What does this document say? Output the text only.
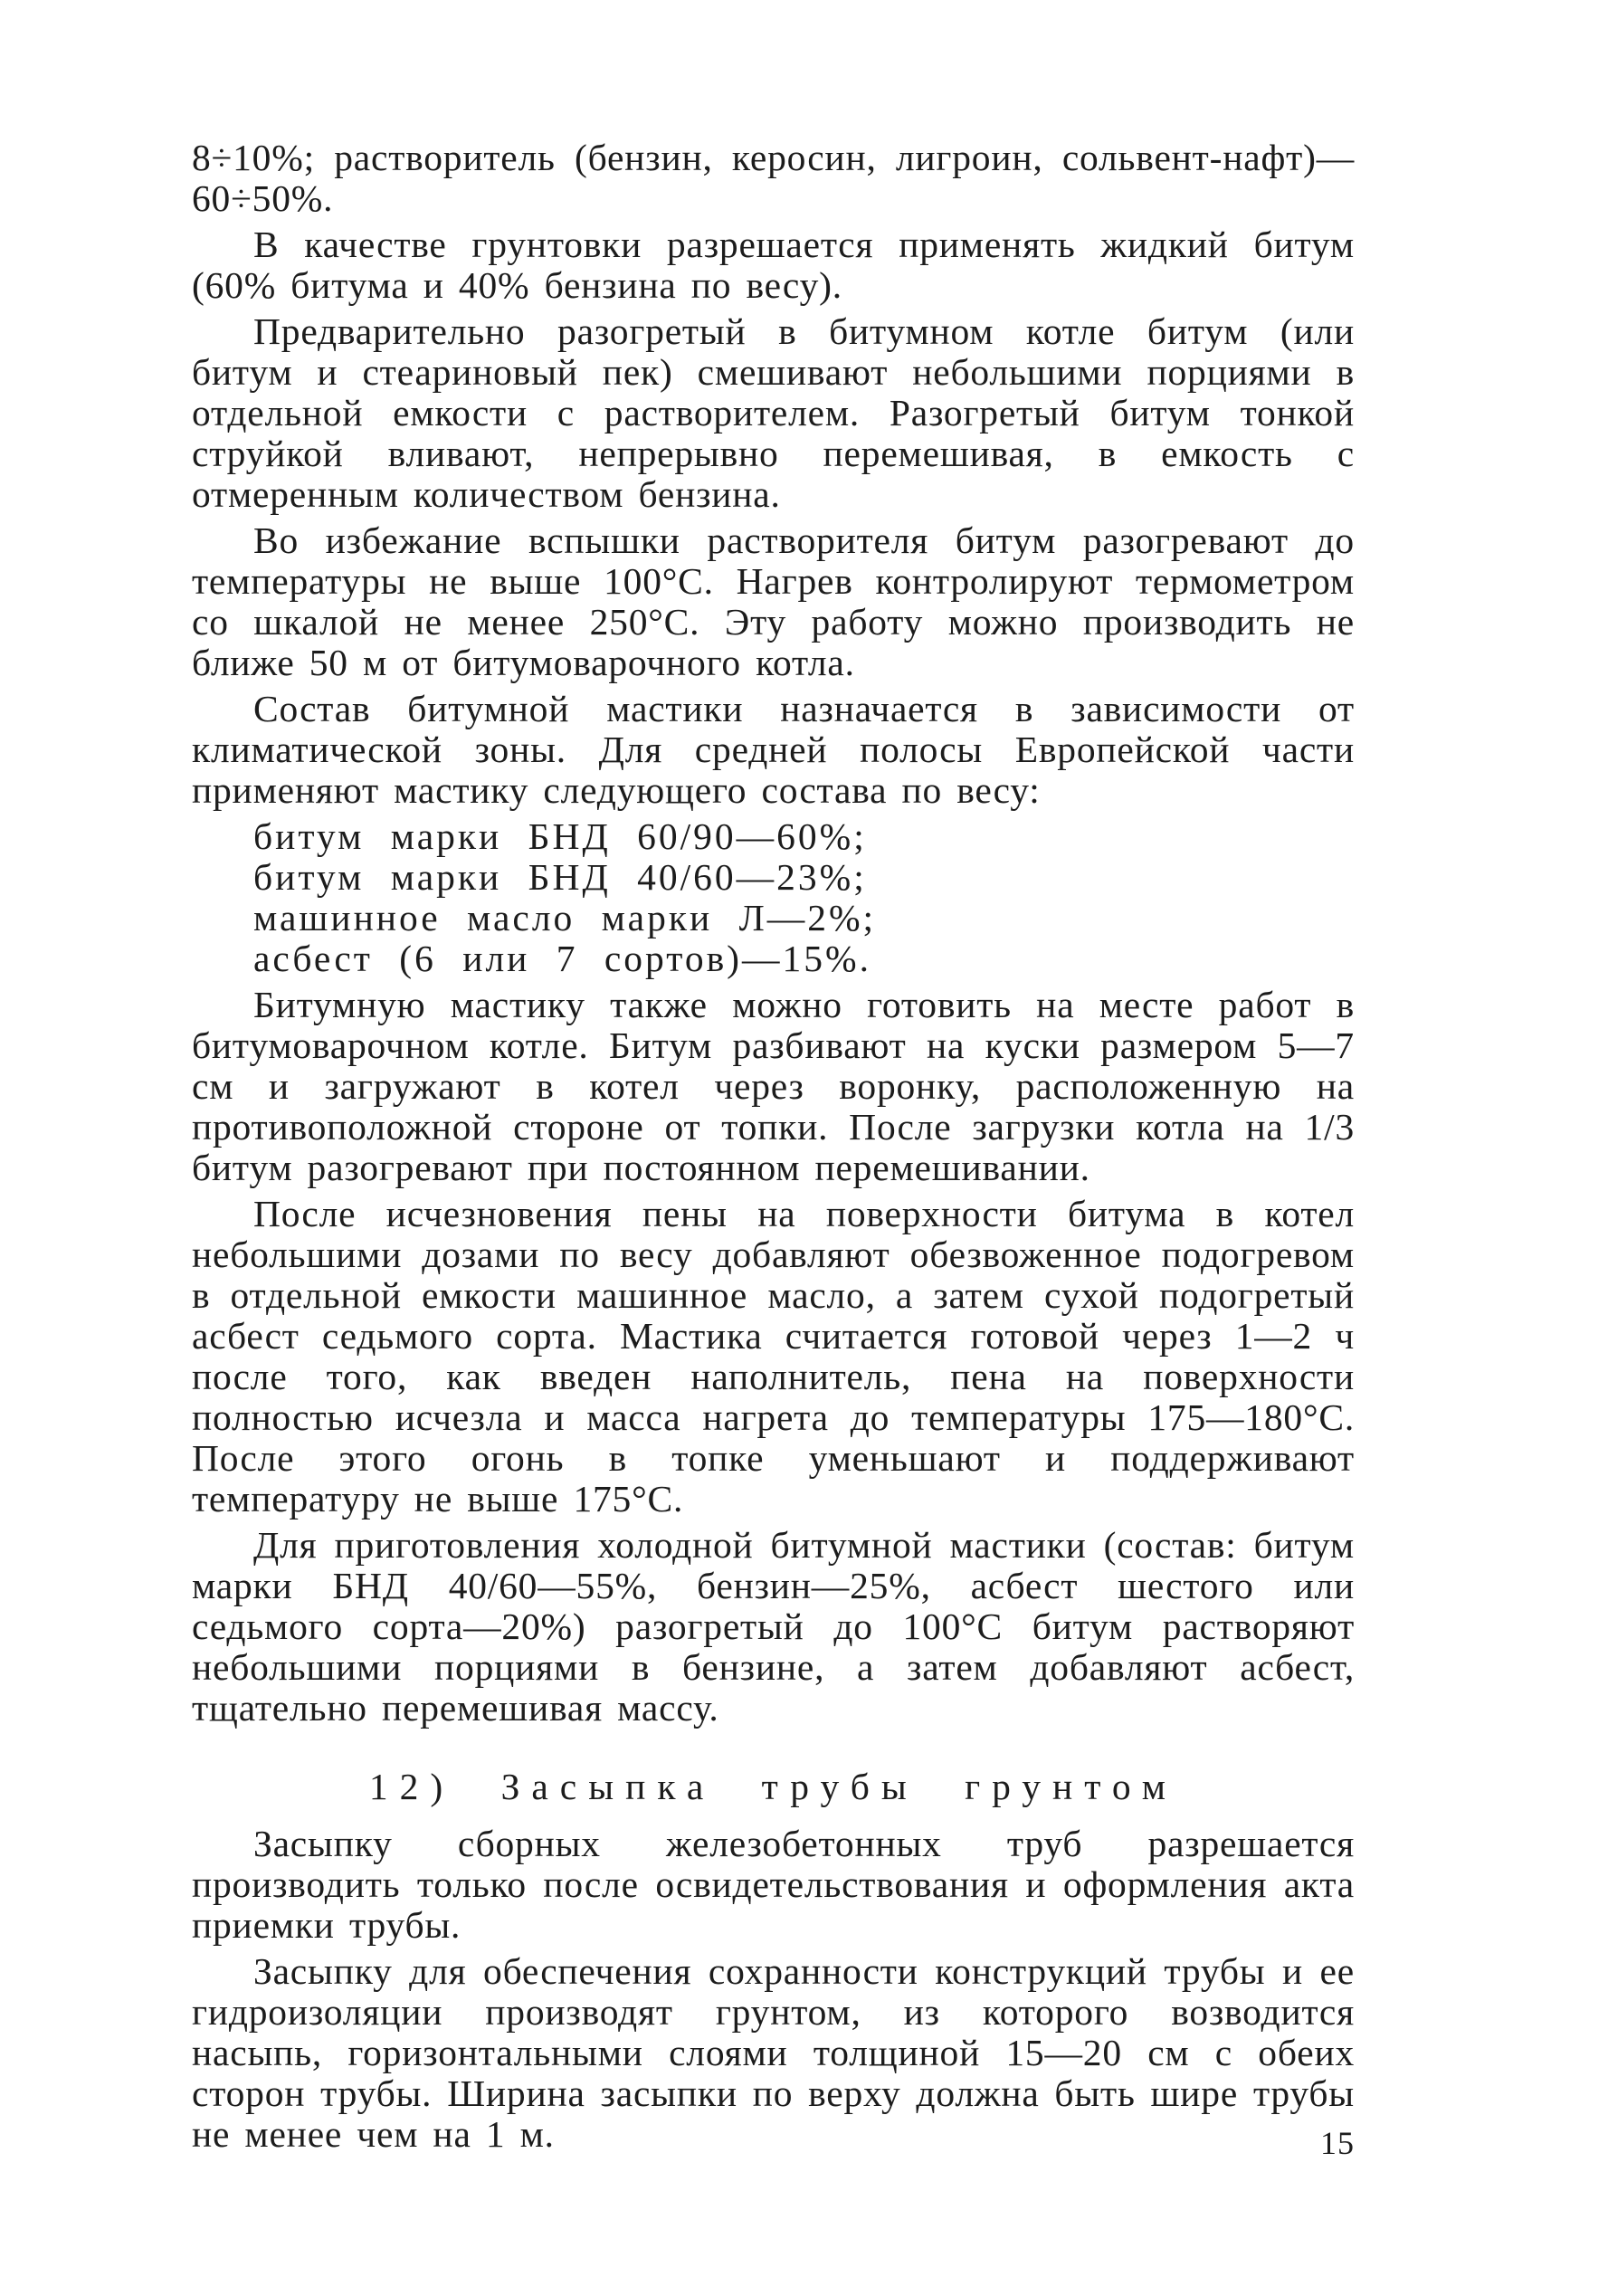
8÷10%; растворитель (бензин, керосин, лигроин, сольвент-нафт)—60÷50%.

В качестве грунтовки разрешается применять жидкий битум (60% битума и 40% бензина по весу).

Предварительно разогретый в битумном котле битум (или битум и стеариновый пек) смешивают небольшими порциями в отдельной емкости с растворителем. Разогретый битум тонкой струйкой вливают, непрерывно перемешивая, в емкость с отмеренным количеством бензина.

Во избежание вспышки растворителя битум разогревают до температуры не выше 100°С. Нагрев контролируют термометром со шкалой не менее 250°С. Эту работу можно производить не ближе 50 м от битумоварочного котла.

Состав битумной мастики назначается в зависимости от климатической зоны. Для средней полосы Европейской части применяют мастику следующего состава по весу:

битум марки БНД 60/90—60%;
битум марки БНД 40/60—23%;
машинное масло марки Л—2%;
асбест (6 или 7 сортов)—15%.

Битумную мастику также можно готовить на месте работ в битумоварочном котле. Битум разбивают на куски размером 5—7 см и загружают в котел через воронку, расположенную на противоположной стороне от топки. После загрузки котла на 1/3 битум разогревают при постоянном перемешивании.

После исчезновения пены на поверхности битума в котел небольшими дозами по весу добавляют обезвоженное подогревом в отдельной емкости машинное масло, а затем сухой подогретый асбест седьмого сорта. Мастика считается готовой через 1—2 ч после того, как введен наполнитель, пена на поверхности полностью исчезла и масса нагрета до температуры 175—180°С. После этого огонь в топке уменьшают и поддерживают температуру не выше 175°С.

Для приготовления холодной битумной мастики (состав: битум марки БНД 40/60—55%, бензин—25%, асбест шестого или седьмого сорта—20%) разогретый до 100°С битум растворяют небольшими порциями в бензине, а затем добавляют асбест, тщательно перемешивая массу.

12) Засыпка трубы грунтом

Засыпку сборных железобетонных труб разрешается производить только после освидетельствования и оформления акта приемки трубы.

Засыпку для обеспечения сохранности конструкций трубы и ее гидроизоляции производят грунтом, из которого возводится насыпь, горизонтальными слоями толщиной 15—20 см с обеих сторон трубы. Ширина засыпки по верху должна быть шире трубы не менее чем на 1 м.	15
